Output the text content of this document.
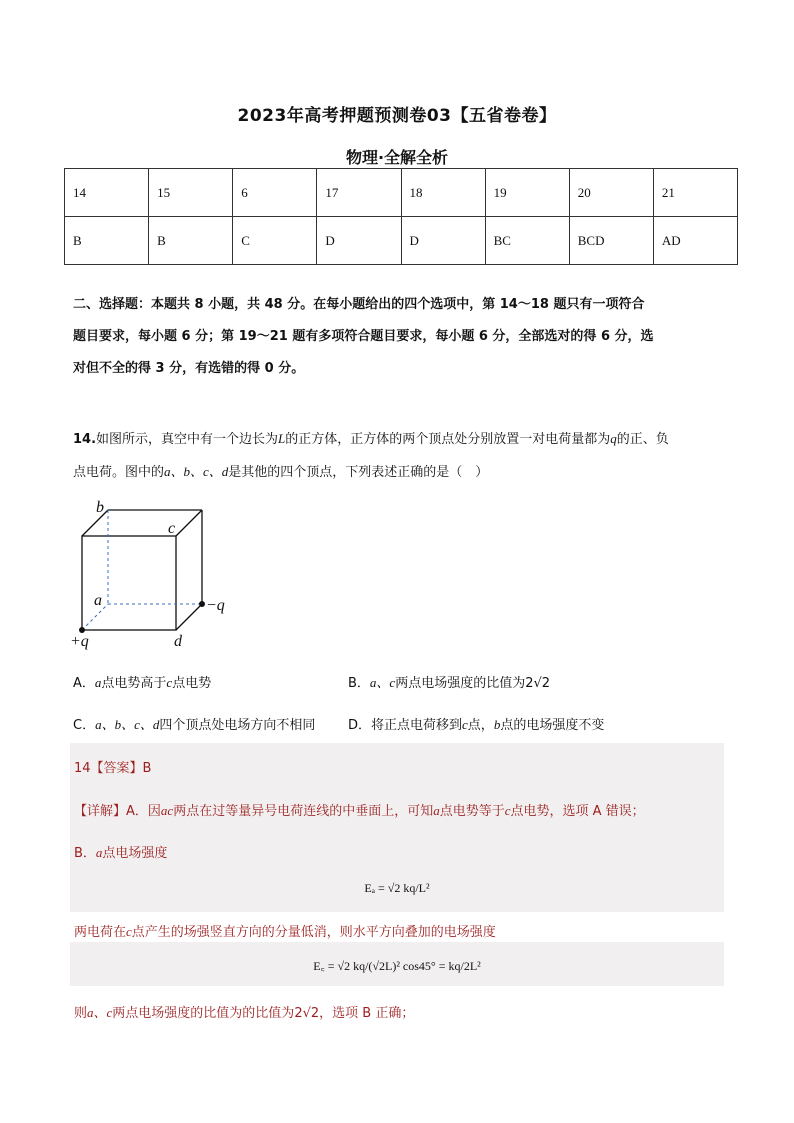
2023年高考押题预测卷03【五省卷卷】
物理·全解全析
14	15	6	17	18	19	20	21
B	B	C	D	D	BC	BCD	AD
二、选择题：本题共 8 小题，共 48 分。在每小题给出的四个选项中，第 14～18 题只有一项符合
题目要求，每小题 6 分；第 19～21 题有多项符合题目要求，每小题 6 分，全部选对的得 6 分，选
对但不全的得 3 分，有选错的得 0 分。
14.如图所示，真空中有一个边长为L的正方体，正方体的两个顶点处分别放置一对电荷量都为q的正、负
点电荷。图中的a、b、c、d是其他的四个顶点，下列表述正确的是（　）
b
c
a
d
+q
−q
A．a点电势高于c点电势	B．a、c两点电场强度的比值为2√2
C．a、b、c、d四个顶点处电场方向不相同	D．将正点电荷移到c点，b点的电场强度不变
14【答案】B
【详解】A．因ac两点在过等量异号电荷连线的中垂面上，可知a点电势等于c点电势，选项 A 错误；
B．a点电场强度
Eₐ = √2 kq/L²
两电荷在c点产生的场强竖直方向的分量低消，则水平方向叠加的电场强度
E꜀ = √2 kq/(√2L)² cos45° = kq/2L²
则a、c两点电场强度的比值为的比值为2√2，选项 B 正确；
